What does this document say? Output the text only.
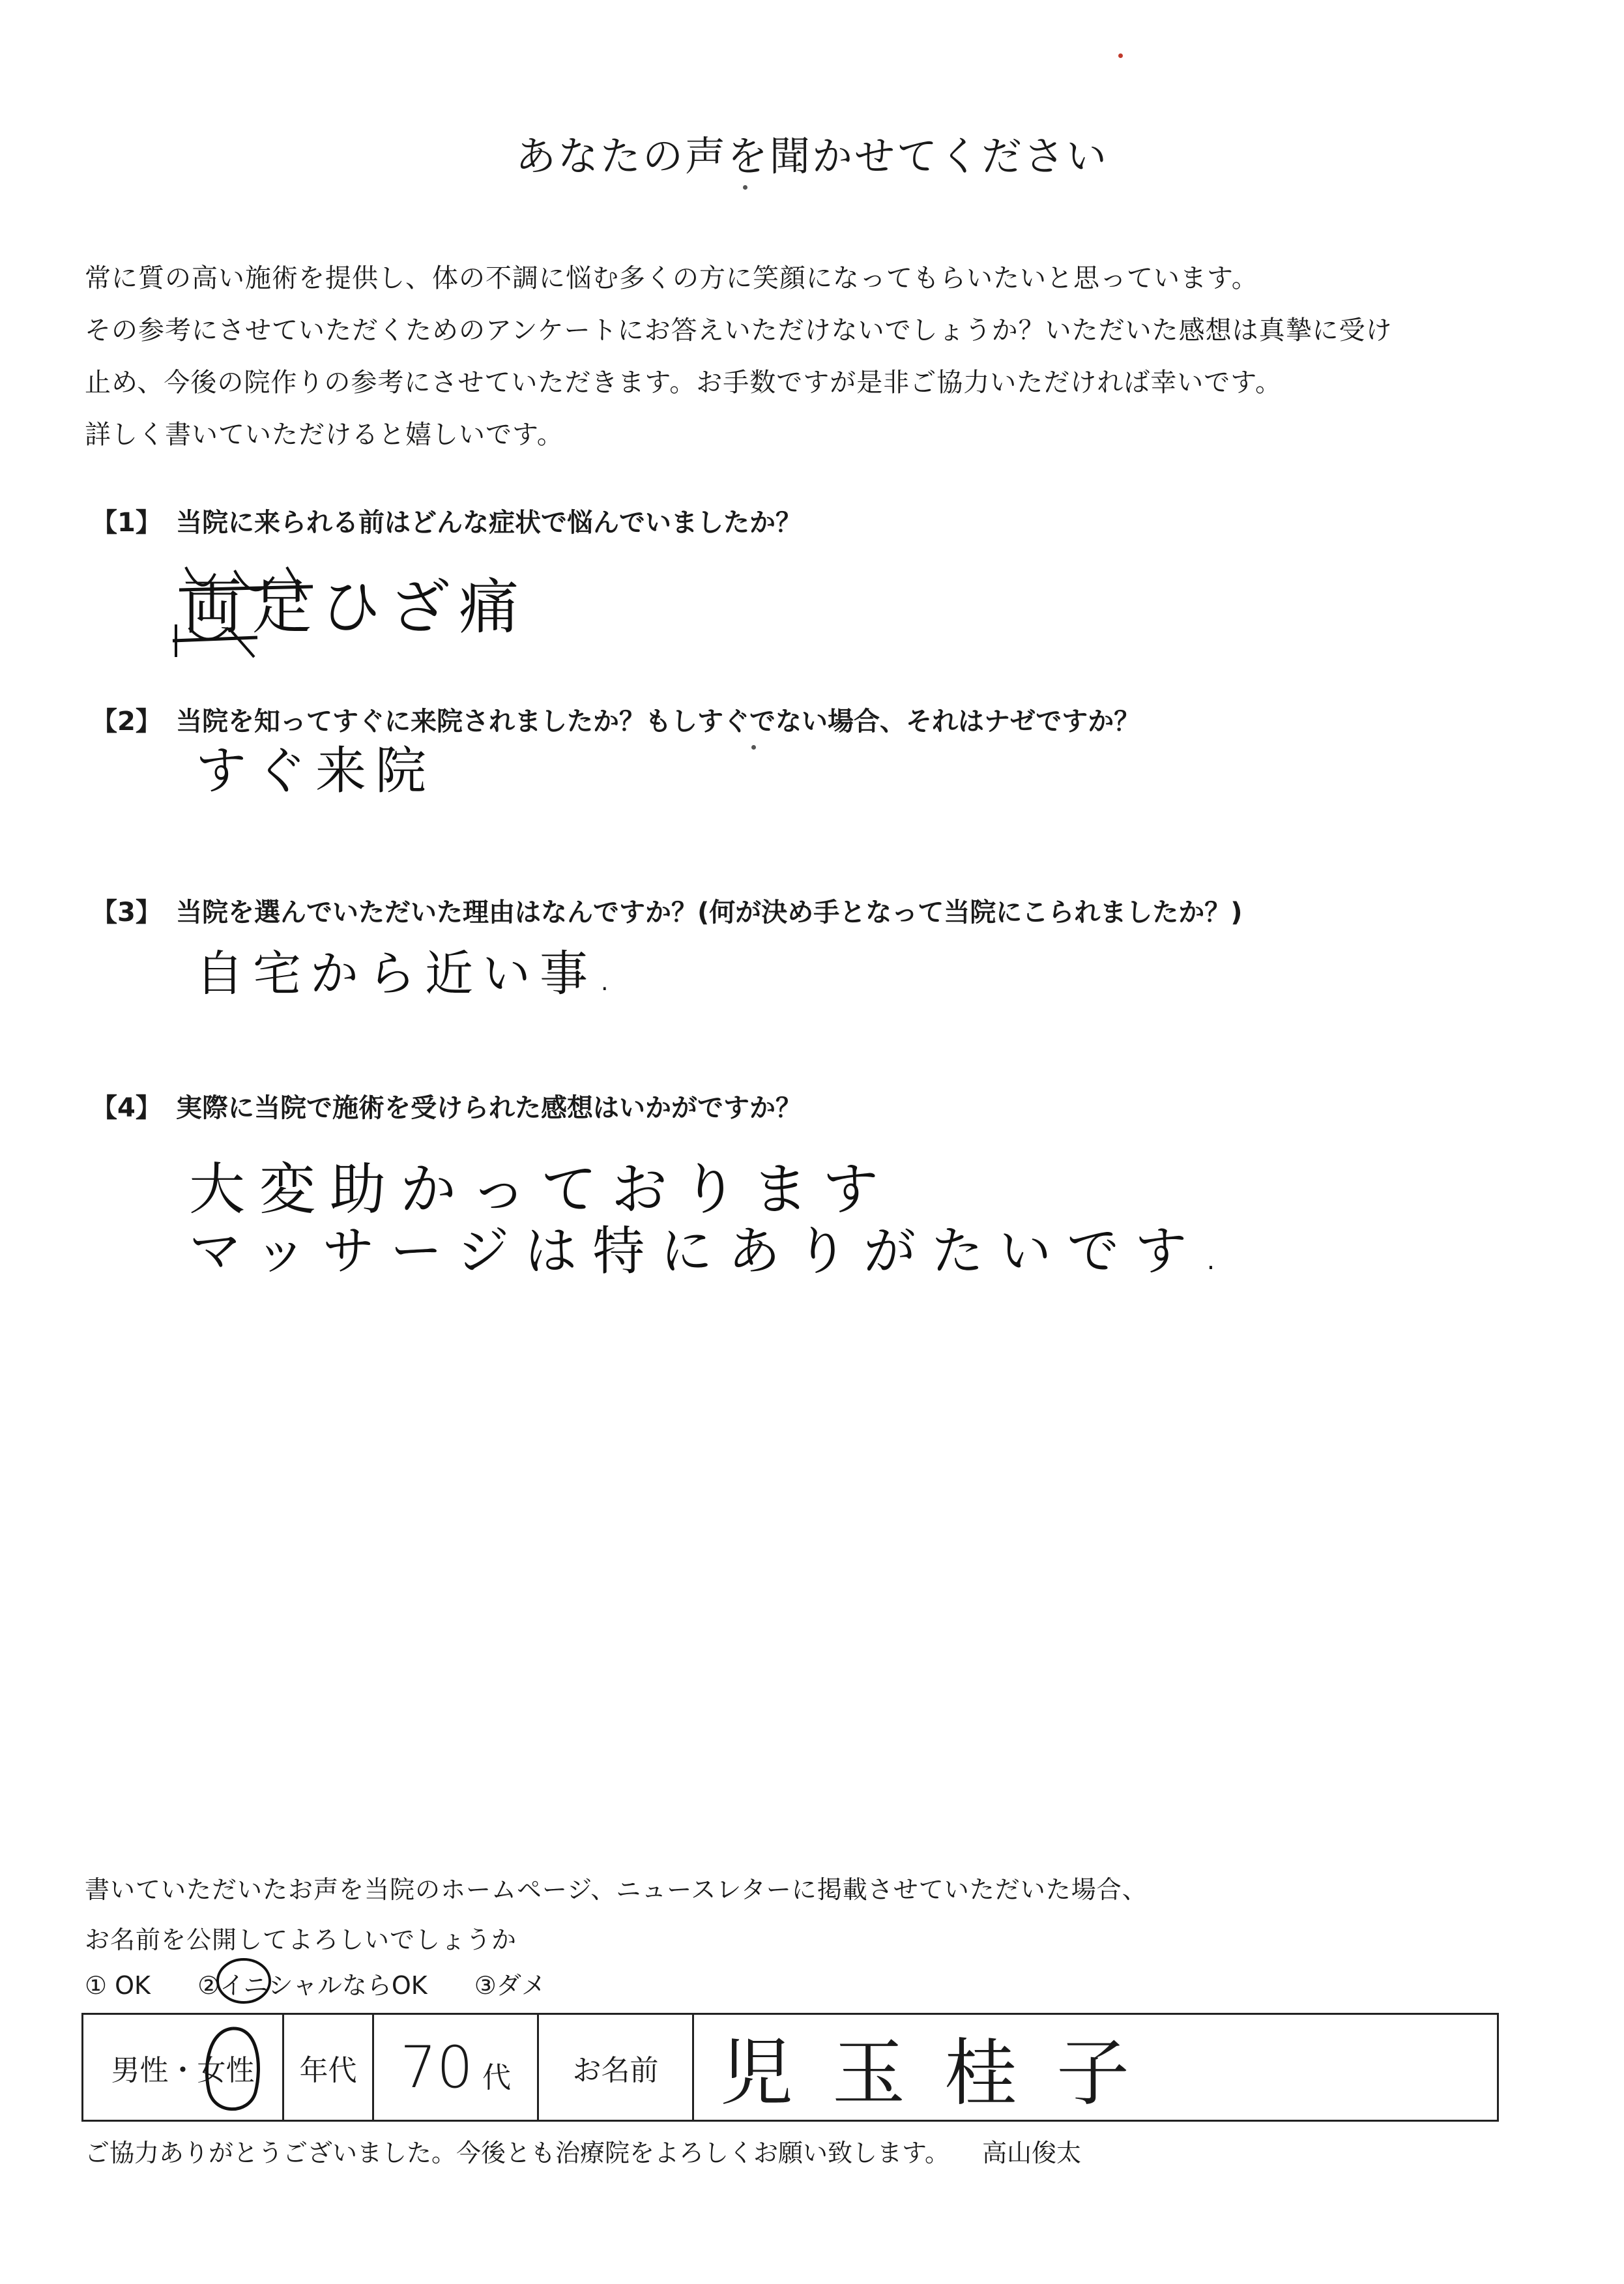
あなたの声を聞かせてください
常に質の高い施術を提供し、体の不調に悩む多くの方に笑顔になってもらいたいと思っています。
その参考にさせていただくためのアンケートにお答えいただけないでしょうか？いただいた感想は真摯に受け
止め、今後の院作りの参考にさせていただきます。お手数ですが是非ご協力いただければ幸いです。
詳しく書いていただけると嬉しいです。
【1】 当院に来られる前はどんな症状で悩んでいましたか？
両足ひざ痛
【2】 当院を知ってすぐに来院されましたか？もしすぐでない場合、それはナゼですか？
すぐ来院
【3】 当院を選んでいただいた理由はなんですか？(何が決め手となって当院にこられましたか？)
自宅から近い事.
【4】 実際に当院で施術を受けられた感想はいかがですか？
大変助かっております
マッサージは特にありがたいです.
書いていただいたお声を当院のホームページ、ニュースレターに掲載させていただいた場合、
お名前を公開してよろしいでしょうか
① OK ②イニシャルならOK ③ダメ
男性・女性	年代	70 代	お名前	児玉桂子
ご協力ありがとうございました。今後とも治療院をよろしくお願い致します。 高山俊太
